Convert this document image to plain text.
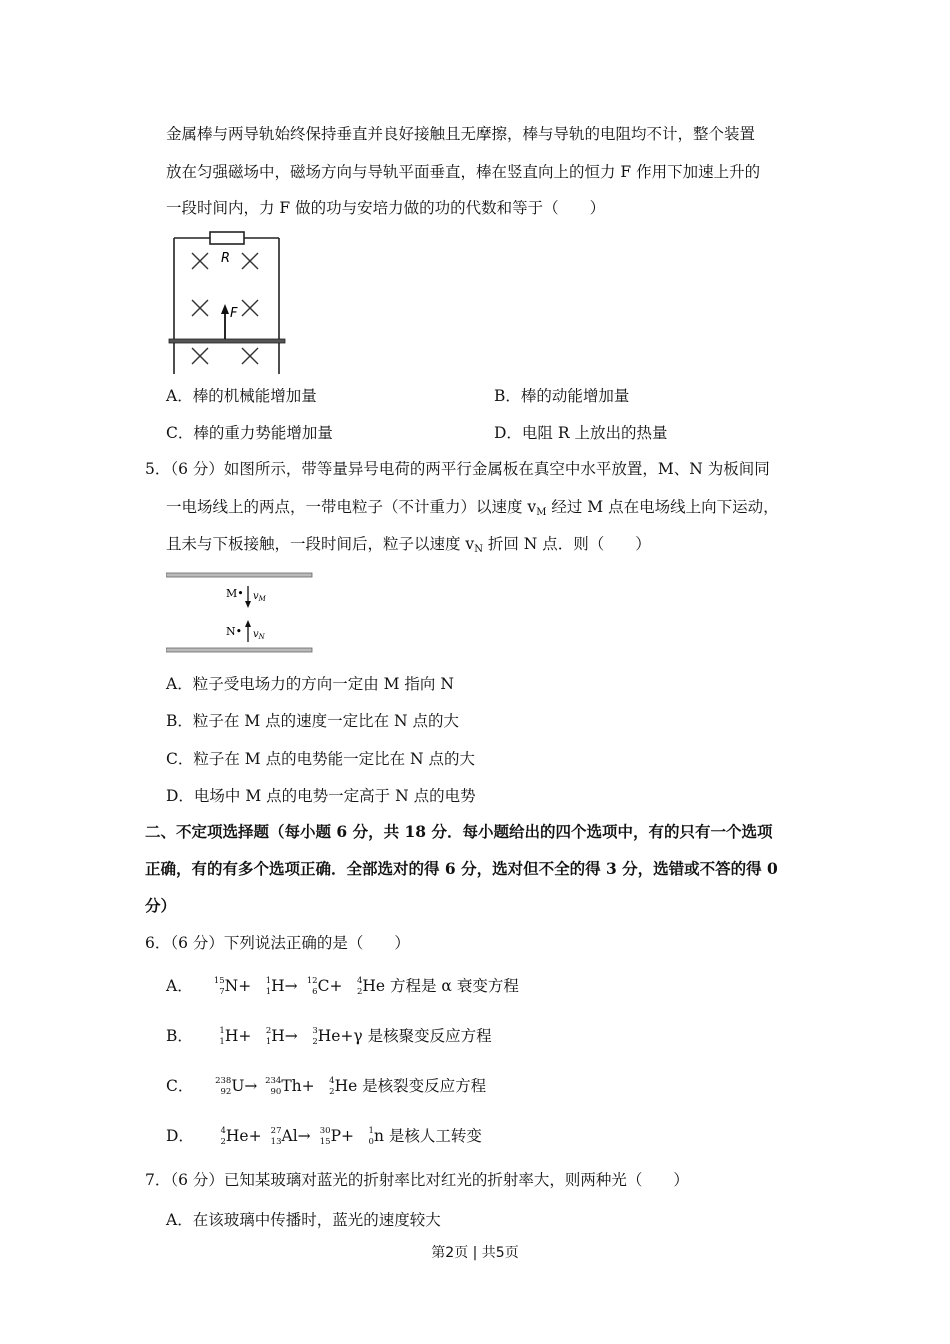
金属棒与两导轨始终保持垂直并良好接触且无摩擦，棒与导轨的电阻均不计，整个装置
放在匀强磁场中，磁场方向与导轨平面垂直，棒在竖直向上的恒力 F 作用下加速上升的
一段时间内，力 F 做的功与安培力做的功的代数和等于（　　）
R
F
A．棒的机械能增加量	B．棒的动能增加量
C．棒的重力势能增加量	D．电阻 R 上放出的热量
5．（6 分）如图所示，带等量异号电荷的两平行金属板在真空中水平放置，M、N 为板间同
一电场线上的两点，一带电粒子（不计重力）以速度 $v_M$ 经过 M 点在电场线上向下运动，
且未与下板接触，一段时间后，粒子以速度 $v_N$ 折回 N 点．则（　　）
M• $v_M$
N• $v_N$
A．粒子受电场力的方向一定由 M 指向 N
B．粒子在 M 点的速度一定比在 N 点的大
C．粒子在 M 点的电势能一定比在 N 点的大
D．电场中 M 点的电势一定高于 N 点的电势
二、不定项选择题（每小题 6 分，共 18 分．每小题给出的四个选项中，有的只有一个选项
正确，有的有多个选项正确．全部选对的得 6 分，选对但不全的得 3 分，选错或不答的得 0
分）
6．（6 分）下列说法正确的是（　　）
A． 15
7 N+ 1
1 H→ 12
6 C+ 4
2 He 方程是 α 衰变方程
B．	1
1 H+ 2
1 H→ 3
2 He+γ 是核聚变反应方程
C．	238
92 U→ 234
90 Th+ 4
2 He 是核裂变反应方程
D．	4
2 He+ 27
13 Al→ 30
15 P+ 1
0 n 是核人工转变
7．（6 分）已知某玻璃对蓝光的折射率比对红光的折射率大，则两种光（　　）
A．在该玻璃中传播时，蓝光的速度较大
第2页 | 共5页
